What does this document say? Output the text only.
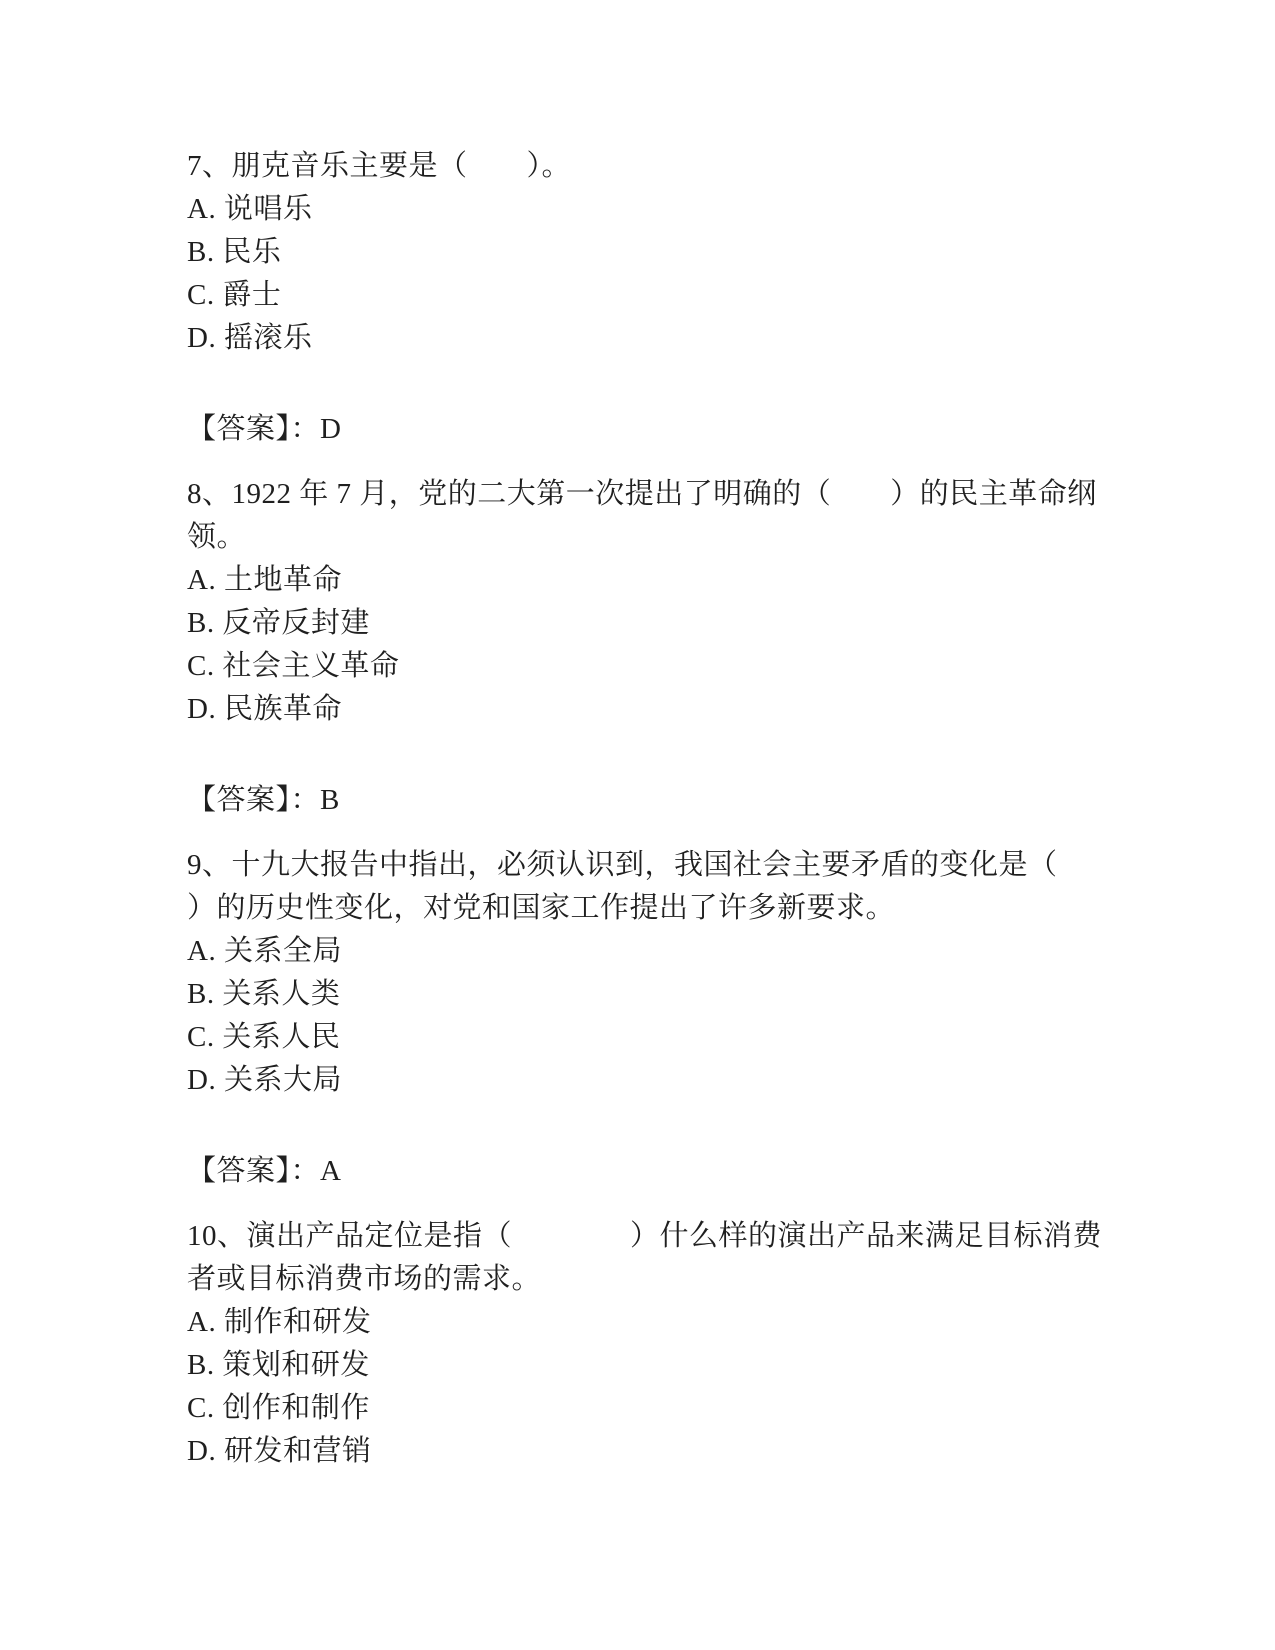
7、朋克音乐主要是（　　）。

A. 说唱乐

B. 民乐

C. 爵士

D. 摇滚乐

【答案】：D

8、1922 年 7 月，党的二大第一次提出了明确的（　　）的民主革命纲

领。

A. 土地革命

B. 反帝反封建

C. 社会主义革命

D. 民族革命

【答案】：B

9、十九大报告中指出，必须认识到，我国社会主要矛盾的变化是（

）的历史性变化，对党和国家工作提出了许多新要求。

A. 关系全局

B. 关系人类

C. 关系人民

D. 关系大局

【答案】：A

10、演出产品定位是指（　　　　）什么样的演出产品来满足目标消费

者或目标消费市场的需求。

A. 制作和研发

B. 策划和研发

C. 创作和制作

D. 研发和营销
